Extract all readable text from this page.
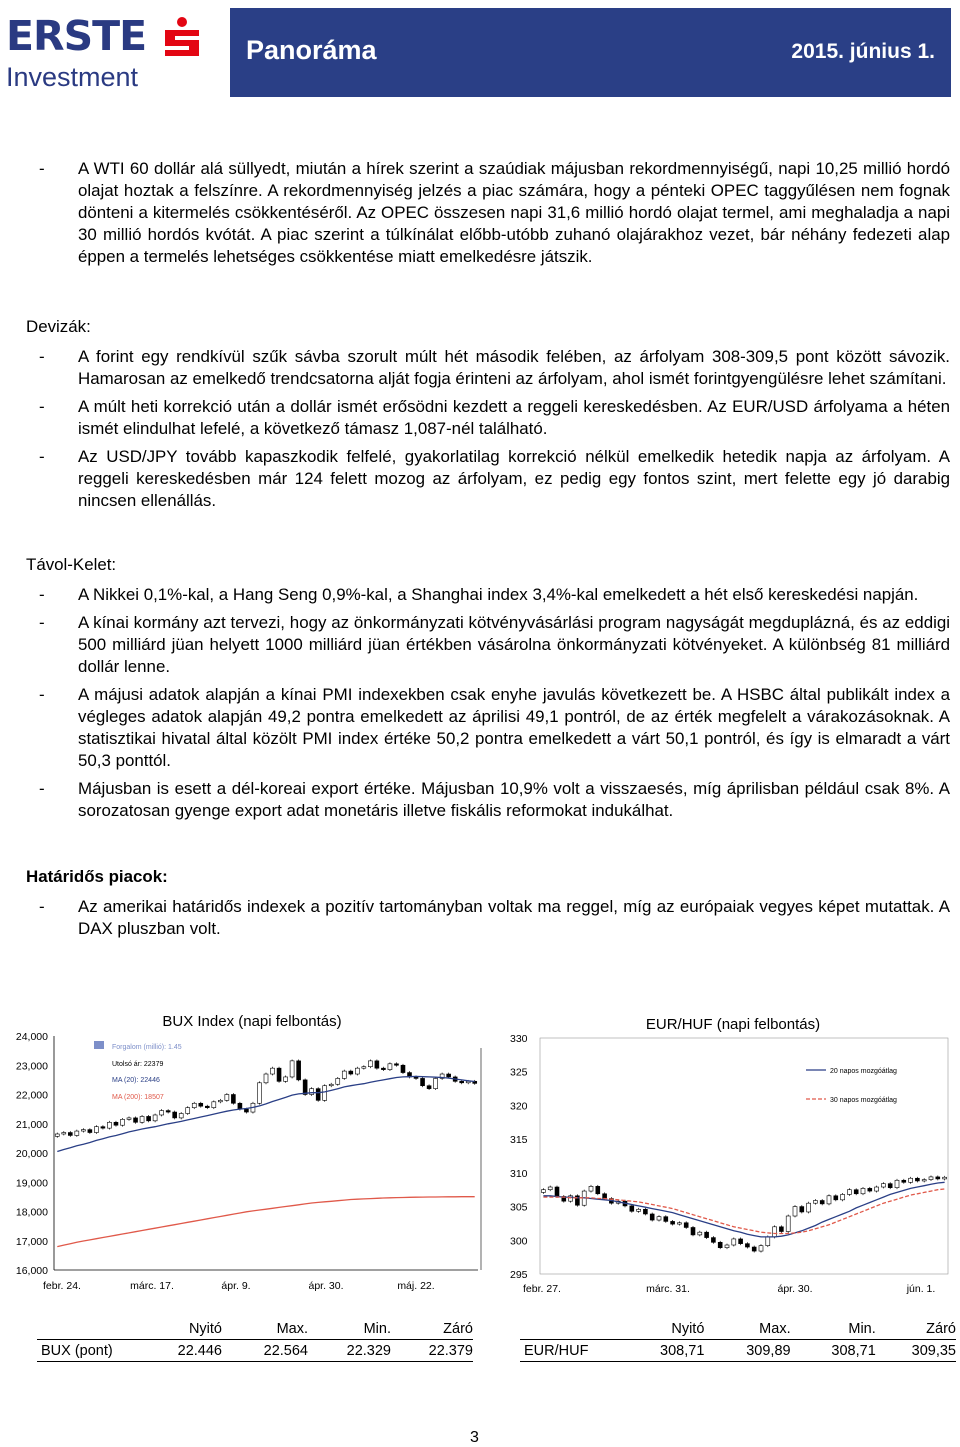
ERSTE
Investment
Panoráma	2015. június 1.
- A WTI 60 dollár alá süllyedt, miután a hírek szerint a szaúdiak májusban rekordmennyiségű, napi 10,25 millió hordó olajat hoztak a felszínre. A rekordmennyiség jelzés a piac számára, hogy a pénteki OPEC taggyűlésen nem fognak dönteni a kitermelés csökkentéséről. Az OPEC összesen napi 31,6 millió hordó olajat termel, ami meghaladja a napi 30 millió hordós kvótát. A piac szerint a túlkínálat előbb-utóbb zuhanó olajárakhoz vezet, bár néhány fedezeti alap éppen a termelés lehetséges csökkentése miatt emelkedésre játszik.
Devizák:
- A forint egy rendkívül szűk sávba szorult múlt hét második felében, az árfolyam 308-309,5 pont között sávozik. Hamarosan az emelkedő trendcsatorna alját fogja érinteni az árfolyam, ahol ismét forintgyengülésre lehet számítani.
- A múlt heti korrekció után a dollár ismét erősödni kezdett a reggeli kereskedésben. Az EUR/USD árfolyama a héten ismét elindulhat lefelé, a következő támasz 1,087-nél található.
- Az USD/JPY tovább kapaszkodik felfelé, gyakorlatilag korrekció nélkül emelkedik hetedik napja az árfolyam. A reggeli kereskedésben már 124 felett mozog az árfolyam, ez pedig egy fontos szint, mert felette egy jó darabig nincsen ellenállás.
Távol-Kelet:
- A Nikkei 0,1%-kal, a Hang Seng 0,9%-kal, a Shanghai index 3,4%-kal emelkedett a hét első kereskedési napján.
- A kínai kormány azt tervezi, hogy az önkormányzati kötvényvásárlási program nagyságát megduplázná, és az eddigi 500 milliárd jüan helyett 1000 milliárd jüan értékben vásárolna önkormányzati kötvényeket. A különbség 81 milliárd dollár lenne.
- A májusi adatok alapján a kínai PMI indexekben csak enyhe javulás következett be. A HSBC által publikált index a végleges adatok alapján 49,2 pontra emelkedett az áprilisi 49,1 pontról, de az érték megfelelt a várakozásoknak. A statisztikai hivatal által közölt PMI index értéke 50,2 pontra emelkedett a várt 50,1 pontról, és így is elmaradt a várt 50,3 ponttól.
- Májusban is esett a dél-koreai export értéke. Májusban 10,9% volt a visszaesés, míg áprilisban például csak 8%. A sorozatosan gyenge export adat monetáris illetve fiskális reformokat indukálhat.
Határidős piacok:
- Az amerikai határidős indexek a pozitív tartományban voltak ma reggel, míg az európaiak vegyes képet mutattak. A DAX pluszban volt.
BUX Index (napi felbontás)
24,000
23,000
22,000
21,000
20,000
19,000
18,000
17,000
16,000
febr. 24.	márc. 17.	ápr. 9.	ápr. 30.	máj. 22.
Forgalom (millió): 1.45
Utolsó ár: 22379
MA (20): 22446
MA (200): 18507
EUR/HUF (napi felbontás)
330
325
320
315
310
305
300
295
febr. 27.	márc. 31.	ápr. 30.	jún. 1.
20 napos mozgóátlag
30 napos mozgóátlag
	Nyitó	Max.	Min.	Záró
BUX (pont)	22.446	22.564	22.329	22.379
	Nyitó	Max.	Min.	Záró
EUR/HUF	308,71	309,89	308,71	309,35
3
